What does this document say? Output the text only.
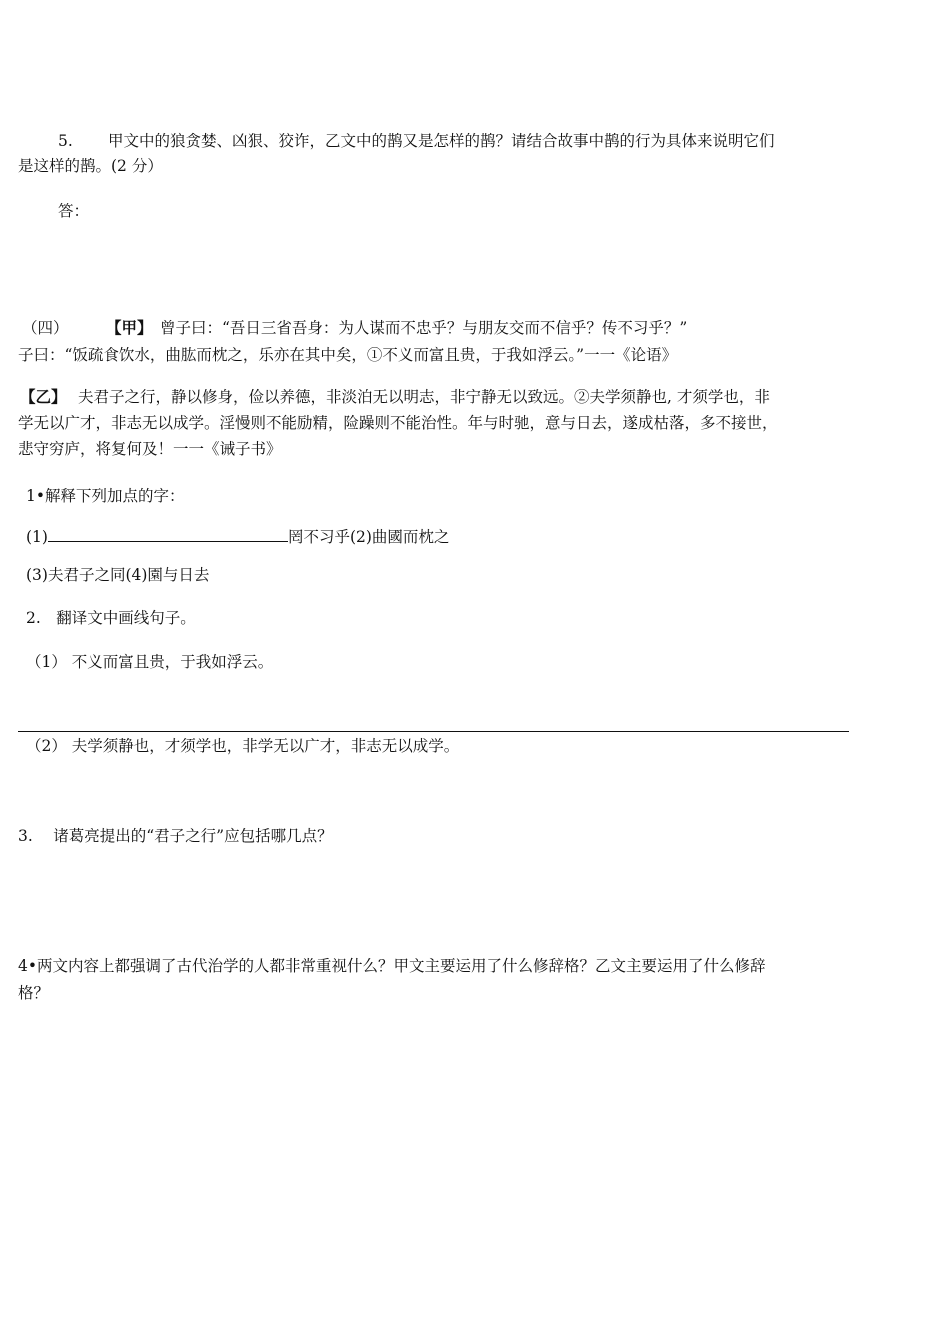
5. 甲文中的狼贪婪、凶狠、狡诈，乙文中的鹊又是怎样的鹊？请结合故事中鹊的行为具体来说明它们
是这样的鹊。(2 分）
答：
（四） 【甲】 曾子曰：“吾日三省吾身：为人谋而不忠乎？与朋友交而不信乎？传不习乎？”
子曰：“饭疏食饮水，曲肱而枕之，乐亦在其中矣，①不义而富且贵，于我如浮云。”一一《论语》
【乙】 夫君子之行，静以修身，俭以养德，非淡泊无以明志，非宁静无以致远。②夫学须静也, 才须学也，非
学无以广才，非志无以成学。淫慢则不能励精，险躁则不能治性。年与时驰，意与日去，遂成枯落，多不接世，
悲守穷庐，将复何及！一一《诫子书》
1•解释下列加点的字：
(1)	罔不习乎(2)曲國而枕之
(3)夫君子之同(4)園与日去
2.　翻译文中画线句子。
（1） 不义而富且贵，于我如浮云。
（2） 夫学须静也，才须学也，非学无以广才，非志无以成学。
3.　 诸葛亮提出的“君子之行”应包括哪几点？
4•两文内容上都强调了古代治学的人都非常重视什么？甲文主要运用了什么修辞格？乙文主要运用了什么修辞
格？
